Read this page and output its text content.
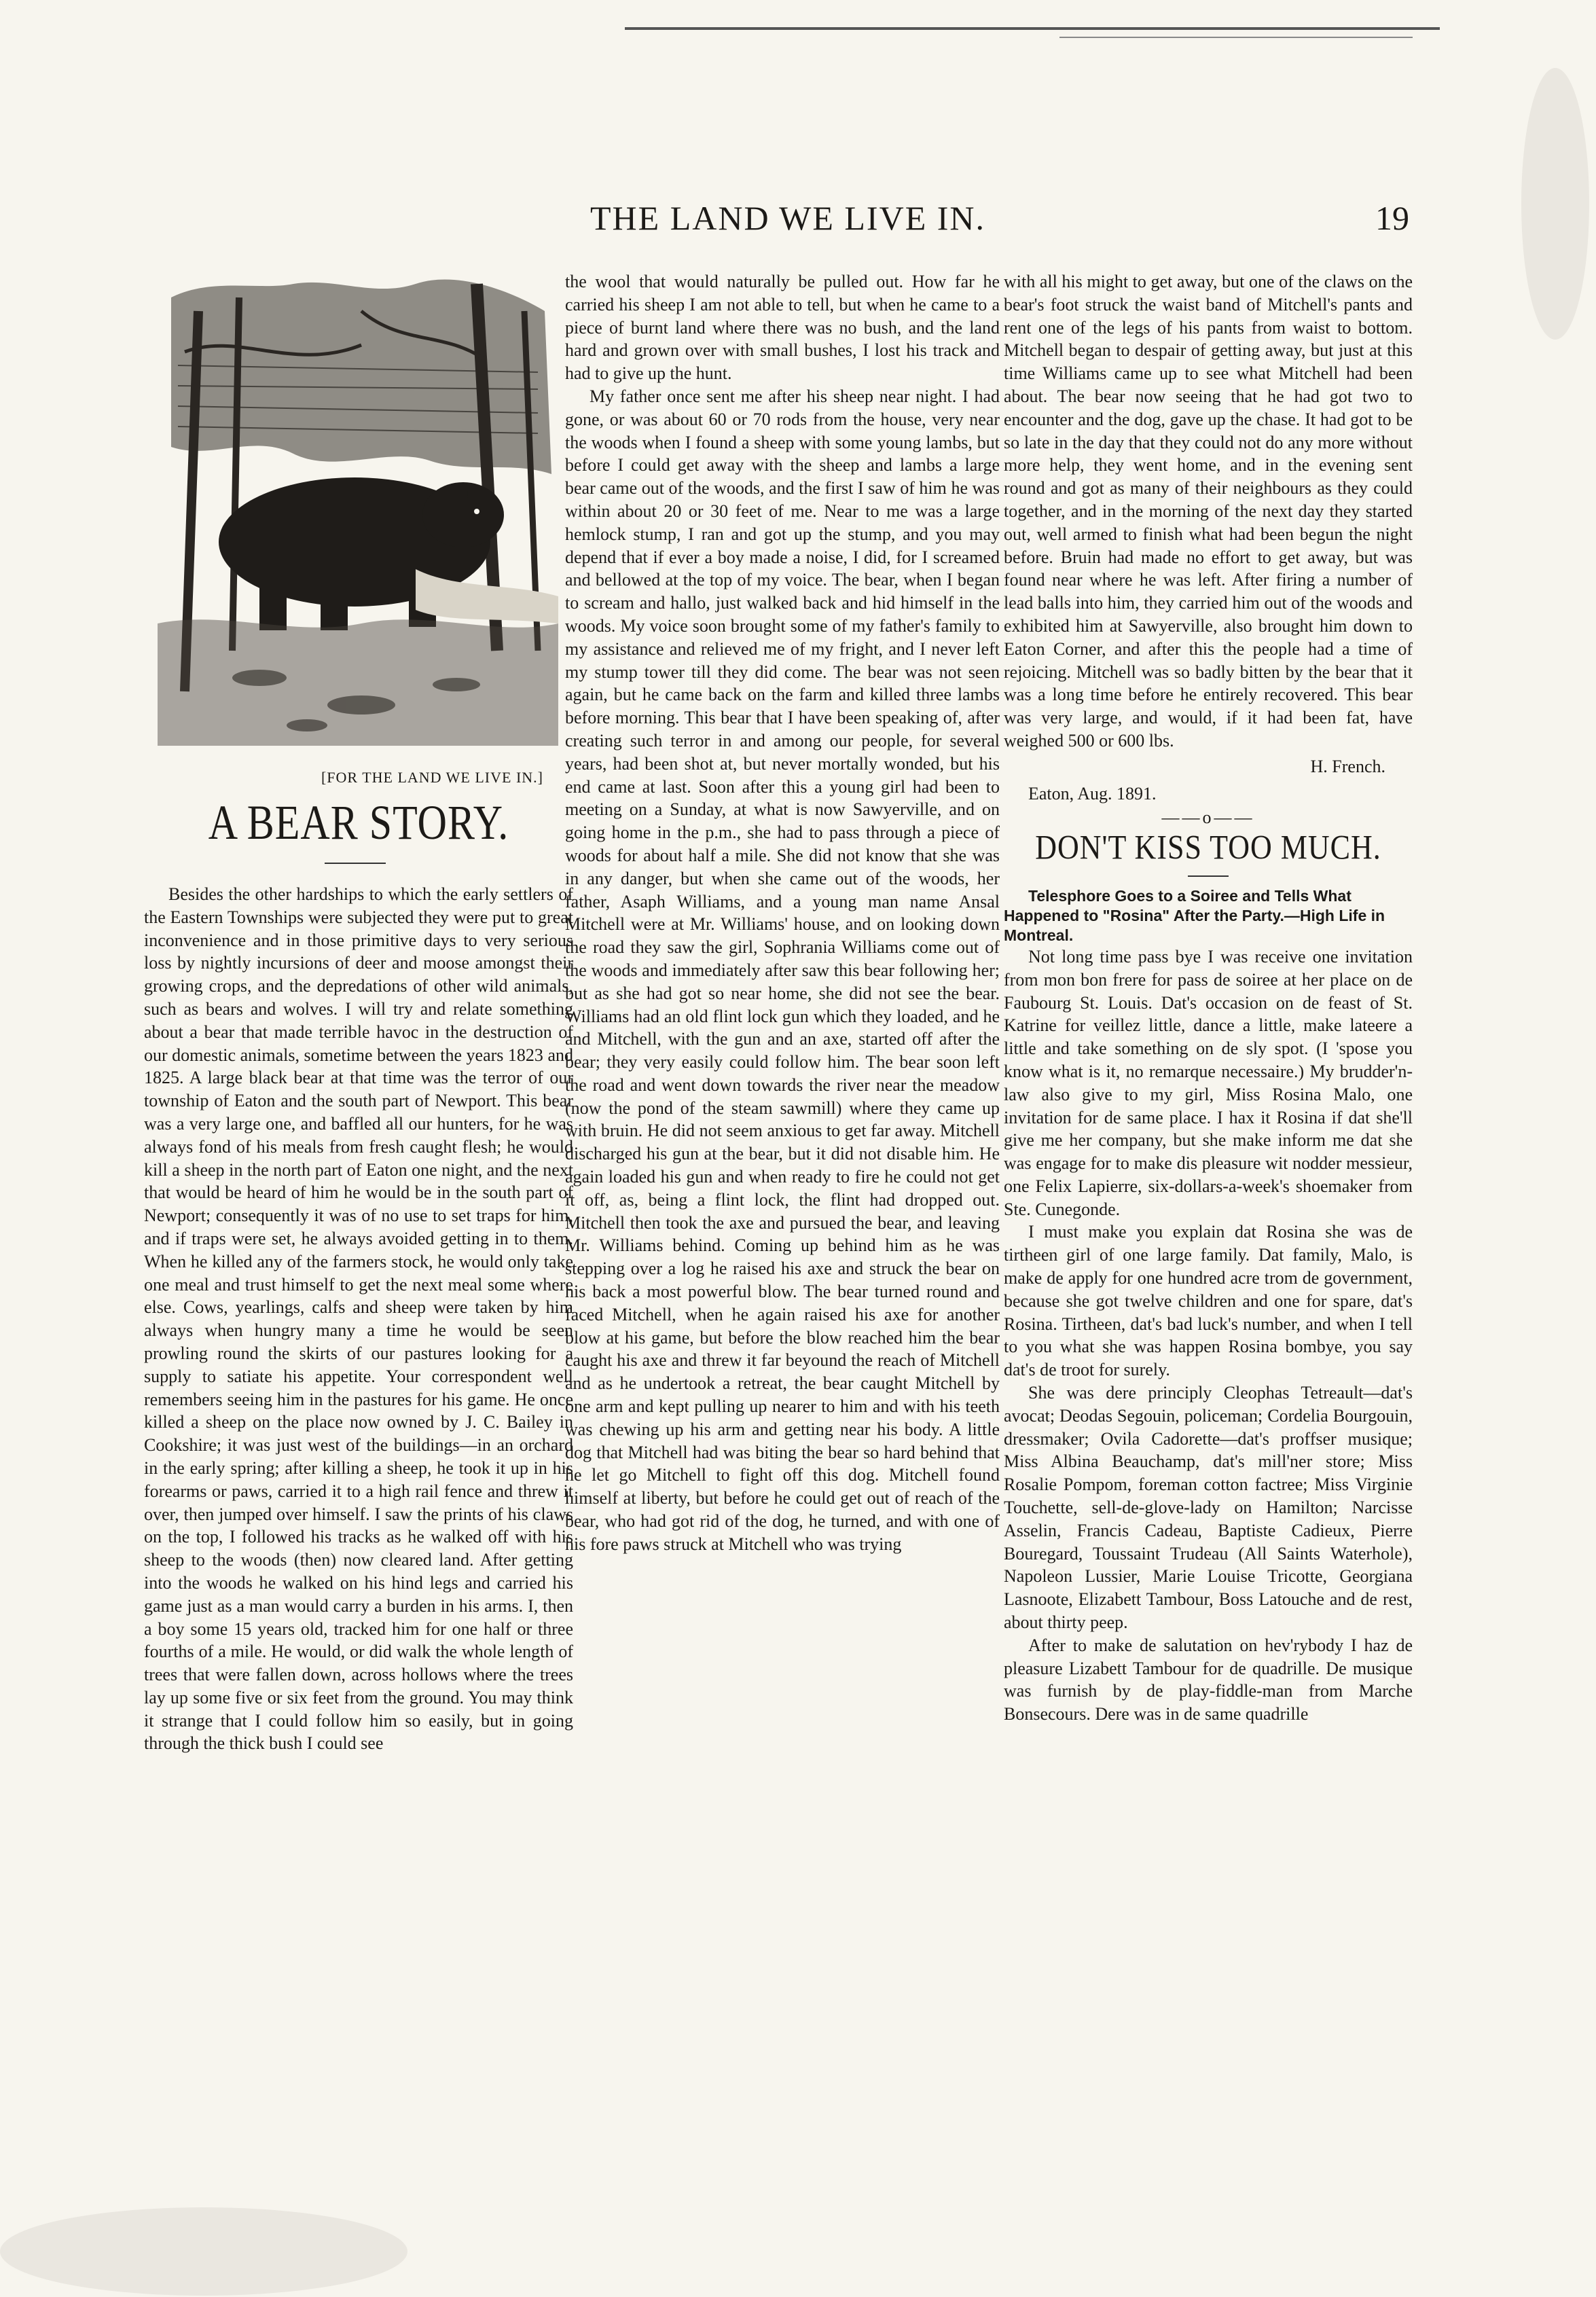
THE LAND WE LIVE IN.	19
[FOR THE LAND WE LIVE IN.]
A BEAR STORY.

Besides the other hardships to which the early settlers of the Eastern Townships were subjected they were put to great inconvenience and in those primitive days to very serious loss by nightly incursions of deer and moose amongst their growing crops, and the depredations of other wild animals, such as bears and wolves. I will try and relate something about a bear that made terrible havoc in the destruction of our domestic animals, sometime between the years 1823 and 1825. A large black bear at that time was the terror of our township of Eaton and the south part of Newport. This bear was a very large one, and baffled all our hunters, for he was always fond of his meals from fresh caught flesh; he would kill a sheep in the north part of Eaton one night, and the next that would be heard of him he would be in the south part of Newport; consequently it was of no use to set traps for him, and if traps were set, he always avoided getting in to them. When he killed any of the farmers stock, he would only take one meal and trust himself to get the next meal some where else. Cows, yearlings, calfs and sheep were taken by him always when hungry many a time he would be seen prowling round the skirts of our pastures looking for a supply to satiate his appetite. Your correspondent well remembers seeing him in the pastures for his game. He once killed a sheep on the place now owned by J. C. Bailey in Cookshire; it was just west of the buildings—in an orchard in the early spring; after killing a sheep, he took it up in his forearms or paws, carried it to a high rail fence and threw it over, then jumped over himself. I saw the prints of his claws on the top, I followed his tracks as he walked off with his sheep to the woods (then) now cleared land. After getting into the woods he walked on his hind legs and carried his game just as a man would carry a burden in his arms. I, then a boy some 15 years old, tracked him for one half or three fourths of a mile. He would, or did walk the whole length of trees that were fallen down, across hollows where the trees lay up some five or six feet from the ground. You may think it strange that I could follow him so easily, but in going through the thick bush I could see

the wool that would naturally be pulled out. How far he carried his sheep I am not able to tell, but when he came to a piece of burnt land where there was no bush, and the land hard and grown over with small bushes, I lost his track and had to give up the hunt.

My father once sent me after his sheep near night. I had gone, or was about 60 or 70 rods from the house, very near the woods when I found a sheep with some young lambs, but before I could get away with the sheep and lambs a large bear came out of the woods, and the first I saw of him he was within about 20 or 30 feet of me. Near to me was a large hemlock stump, I ran and got up the stump, and you may depend that if ever a boy made a noise, I did, for I screamed and bellowed at the top of my voice. The bear, when I began to scream and hallo, just walked back and hid himself in the woods. My voice soon brought some of my father's family to my assistance and relieved me of my fright, and I never left my stump tower till they did come. The bear was not seen again, but he came back on the farm and killed three lambs before morning. This bear that I have been speaking of, after creating such terror in and among our people, for several years, had been shot at, but never mortally wonded, but his end came at last. Soon after this a young girl had been to meeting on a Sunday, at what is now Sawyerville, and on going home in the p.m., she had to pass through a piece of woods for about half a mile. She did not know that she was in any danger, but when she came out of the woods, her father, Asaph Williams, and a young man name Ansal Mitchell were at Mr. Williams' house, and on looking down the road they saw the girl, Sophrania Williams come out of the woods and immediately after saw this bear following her; but as she had got so near home, she did not see the bear. Williams had an old flint lock gun which they loaded, and he and Mitchell, with the gun and an axe, started off after the bear; they very easily could follow him. The bear soon left the road and went down towards the river near the meadow (now the pond of the steam sawmill) where they came up with bruin. He did not seem anxious to get far away. Mitchell discharged his gun at the bear, but it did not disable him. He again loaded his gun and when ready to fire he could not get it off, as, being a flint lock, the flint had dropped out. Mitchell then took the axe and pursued the bear, and leaving Mr. Williams behind. Coming up behind him as he was stepping over a log he raised his axe and struck the bear on his back a most powerful blow. The bear turned round and faced Mitchell, when he again raised his axe for another blow at his game, but before the blow reached him the bear caught his axe and threw it far beyound the reach of Mitchell and as he undertook a retreat, the bear caught Mitchell by one arm and kept pulling up nearer to him and with his teeth was chewing up his arm and getting near his body. A little dog that Mitchell had was biting the bear so hard behind that he let go Mitchell to fight off this dog. Mitchell found himself at liberty, but before he could get out of reach of the bear, who had got rid of the dog, he turned, and with one of his fore paws struck at Mitchell who was trying

with all his might to get away, but one of the claws on the bear's foot struck the waist band of Mitchell's pants and rent one of the legs of his pants from waist to bottom. Mitchell began to despair of getting away, but just at this time Williams came up to see what Mitchell had been about. The bear now seeing that he had got two to encounter and the dog, gave up the chase. It had got to be so late in the day that they could not do any more without more help, they went home, and in the evening sent round and got as many of their neighbours as they could together, and in the morning of the next day they started out, well armed to finish what had been begun the night before. Bruin had made no effort to get away, but was found near where he was left. After firing a number of lead balls into him, they carried him out of the woods and exhibited him at Sawyerville, also brought him down to Eaton Corner, and after this the people had a time of rejoicing. Mitchell was so badly bitten by the bear that it was a long time before he entirely recovered. This bear was very large, and would, if it had been fat, have weighed 500 or 600 lbs.

H. French.
Eaton, Aug. 1891.
——o——
DON'T KISS TOO MUCH.

Telesphore Goes to a Soiree and Tells What Happened to "Rosina" After the Party.—High Life in Montreal.

Not long time pass bye I was receive one invitation from mon bon frere for pass de soiree at her place on de Faubourg St. Louis. Dat's occasion on de feast of St. Katrine for veillez little, dance a little, make lateere a little and take something on de sly spot. (I 'spose you know what is it, no remarque necessaire.) My brudder'n-law also give to my girl, Miss Rosina Malo, one invitation for de same place. I hax it Rosina if dat she'll give me her company, but she make inform me dat she was engage for to make dis pleasure wit nodder messieur, one Felix Lapierre, six-dollars-a-week's shoemaker from Ste. Cunegonde.

I must make you explain dat Rosina she was de tirtheen girl of one large family. Dat family, Malo, is make de apply for one hundred acre trom de government, because she got twelve children and one for spare, dat's Rosina. Tirtheen, dat's bad luck's number, and when I tell to you what she was happen Rosina bombye, you say dat's de troot for surely.

She was dere principly Cleophas Tetreault—dat's avocat; Deodas Segouin, policeman; Cordelia Bourgouin, dressmaker; Ovila Cadorette—dat's proffser musique; Miss Albina Beauchamp, dat's mill'ner store; Miss Rosalie Pompom, foreman cotton factree; Miss Virginie Touchette, sell-de-glove-lady on Hamilton; Narcisse Asselin, Francis Cadeau, Baptiste Cadieux, Pierre Bouregard, Toussaint Trudeau (All Saints Waterhole), Napoleon Lussier, Marie Louise Tricotte, Georgiana Lasnoote, Elizabett Tambour, Boss Latouche and de rest, about thirty peep.

After to make de salutation on hev'rybody I haz de pleasure Lizabett Tambour for de quadrille. De musique was furnish by de play-fiddle-man from Marche Bonsecours. Dere was in de same quadrille
